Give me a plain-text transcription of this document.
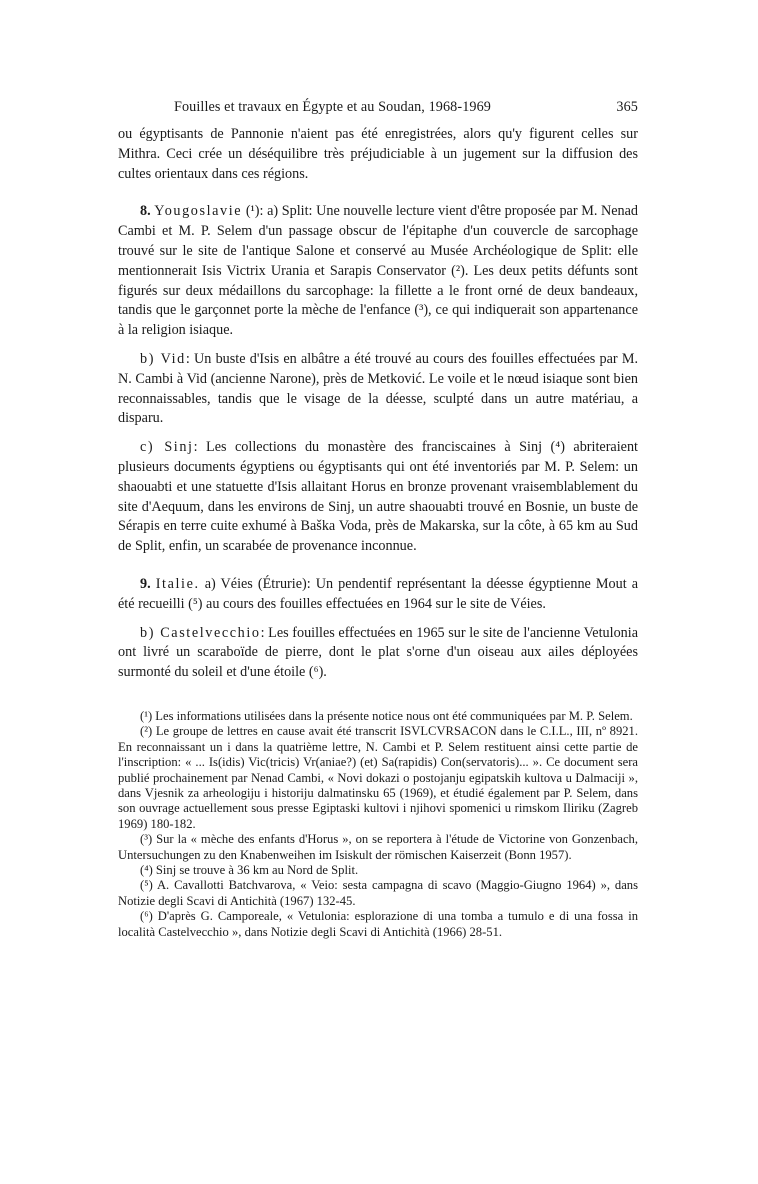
Fouilles et travaux en Égypte et au Soudan, 1968-1969	365

ou égyptisants de Pannonie n'aient pas été enregistrées, alors qu'y figurent celles sur Mithra. Ceci crée un déséquilibre très préjudiciable à un jugement sur la diffusion des cultes orientaux dans ces régions.

8. Yougoslavie (¹): a) Split: Une nouvelle lecture vient d'être proposée par M. Nenad Cambi et M. P. Selem d'un passage obscur de l'épitaphe d'un couvercle de sarcophage trouvé sur le site de l'antique Salone et conservé au Musée Archéologique de Split: elle mentionnerait Isis Victrix Urania et Sarapis Conservator (²). Les deux petits défunts sont figurés sur deux médaillons du sarcophage: la fillette a le front orné de deux bandeaux, tandis que le garçonnet porte la mèche de l'enfance (³), ce qui indiquerait son appartenance à la religion isiaque.

b) Vid: Un buste d'Isis en albâtre a été trouvé au cours des fouilles effectuées par M. N. Cambi à Vid (ancienne Narone), près de Metković. Le voile et le nœud isiaque sont bien reconnaissables, tandis que le visage de la déesse, sculpté dans un autre matériau, a disparu.

c) Sinj: Les collections du monastère des franciscaines à Sinj (⁴) abriteraient plusieurs documents égyptiens ou égyptisants qui ont été inventoriés par M. P. Selem: un shaouabti et une statuette d'Isis allaitant Horus en bronze provenant vraisemblablement du site d'Aequum, dans les environs de Sinj, un autre shaouabti trouvé en Bosnie, un buste de Sérapis en terre cuite exhumé à Baška Voda, près de Makarska, sur la côte, à 65 km au Sud de Split, enfin, un scarabée de provenance inconnue.

9. Italie. a) Véies (Étrurie): Un pendentif représentant la déesse égyptienne Mout a été recueilli (⁵) au cours des fouilles effectuées en 1964 sur le site de Véies.

b) Castelvecchio: Les fouilles effectuées en 1965 sur le site de l'ancienne Vetulonia ont livré un scaraboïde de pierre, dont le plat s'orne d'un oiseau aux ailes déployées surmonté du soleil et d'une étoile (⁶).

(¹) Les informations utilisées dans la présente notice nous ont été communiquées par M. P. Selem.

(²) Le groupe de lettres en cause avait été transcrit ISVLCVRSACON dans le C.I.L., III, nº 8921. En reconnaissant un i dans la quatrième lettre, N. Cambi et P. Selem restituent ainsi cette partie de l'inscription: « ... Is(idis) Vic(tricis) Vr(aniae?) (et) Sa(rapidis) Con(servatoris)... ». Ce document sera publié prochainement par Nenad Cambi, « Novi dokazi o postojanju egipatskih kultova u Dalmaciji », dans Vjesnik za arheologiju i historiju dalmatinsku 65 (1969), et étudié également par P. Selem, dans son ouvrage actuellement sous presse Egiptaski kultovi i njihovi spomenici u rimskom Iliriku (Zagreb 1969) 180-182.

(³) Sur la « mèche des enfants d'Horus », on se reportera à l'étude de Victorine von Gonzenbach, Untersuchungen zu den Knabenweihen im Isiskult der römischen Kaiserzeit (Bonn 1957).

(⁴) Sinj se trouve à 36 km au Nord de Split.

(⁵) A. Cavallotti Batchvarova, « Veio: sesta campagna di scavo (Maggio-Giugno 1964) », dans Notizie degli Scavi di Antichità (1967) 132-45.

(⁶) D'après G. Camporeale, « Vetulonia: esplorazione di una tomba a tumulo e di una fossa in località Castelvecchio », dans Notizie degli Scavi di Antichità (1966) 28-51.
